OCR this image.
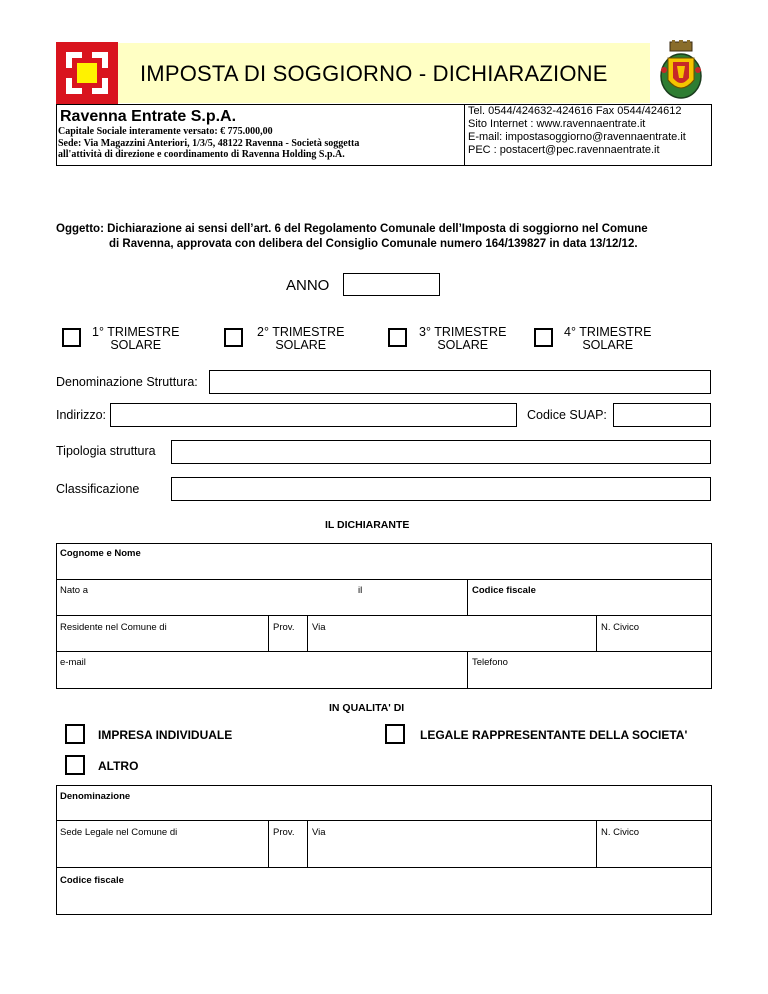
IMPOSTA DI SOGGIORNO - DICHIARAZIONE
Ravenna Entrate S.p.A.
Capitale Sociale interamente versato: € 775.000,00
Sede: Via Magazzini Anteriori, 1/3/5, 48122 Ravenna - Società soggetta
all'attività di direzione e coordinamento di Ravenna Holding S.p.A.
Tel. 0544/424632-424616 Fax 0544/424612
Sito Internet : www.ravennaentrate.it
E-mail: impostasoggiorno@ravennaentrate.it
PEC : postacert@pec.ravennaentrate.it
Oggetto: Dichiarazione ai sensi dell’art. 6 del Regolamento Comunale dell’Imposta di soggiorno nel Comune
di Ravenna, approvata con delibera del Consiglio Comunale numero 164/139827 in data 13/12/12.
ANNO
1° TRIMESTRE
SOLARE
2° TRIMESTRE
SOLARE
3° TRIMESTRE
SOLARE
4° TRIMESTRE
SOLARE
Denominazione Struttura:
Indirizzo:	Codice SUAP:
Tipologia struttura
Classificazione
IL DICHIARANTE
Cognome e Nome
Nato a	il	Codice fiscale
Residente nel Comune di	Prov. Via	N. Civico
e-mail	Telefono
IN QUALITA' DI
IMPRESA INDIVIDUALE	LEGALE RAPPRESENTANTE DELLA SOCIETA'
ALTRO
Denominazione
Sede Legale nel Comune di	Prov. Via	N. Civico
Codice fiscale
